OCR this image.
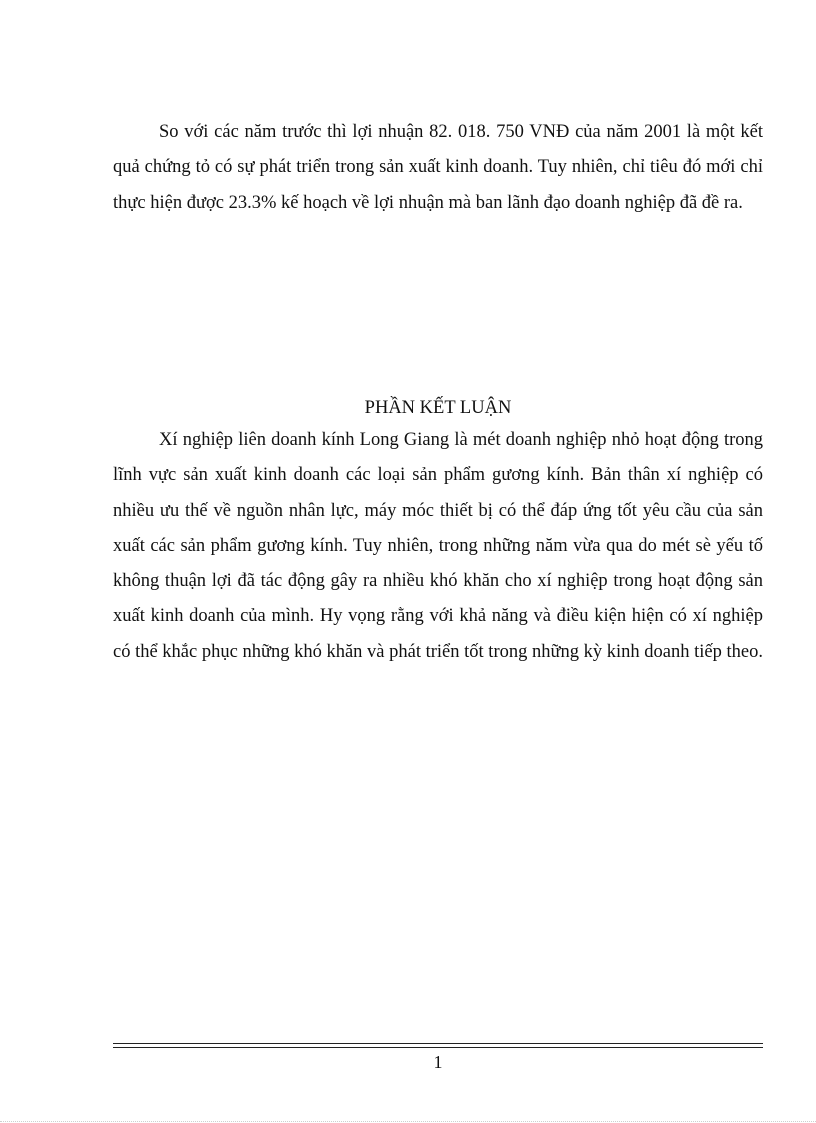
So với các năm trước thì lợi nhuận 82. 018. 750 VNĐ của năm 2001 là một kết quả chứng tỏ có sự phát triển trong sản xuất kinh doanh. Tuy nhiên, chỉ tiêu đó mới chỉ thực hiện được 23.3% kế hoạch về lợi nhuận mà ban lãnh đạo doanh nghiệp đã đề ra.

PHẦN KẾT LUẬN

Xí nghiệp liên doanh kính Long Giang là mét doanh nghiệp nhỏ hoạt động trong lĩnh vực sản xuất kinh doanh các loại sản phẩm gương kính. Bản thân xí nghiệp có nhiều ưu thế về nguồn nhân lực, máy móc thiết bị có thể đáp ứng tốt yêu cầu của sản xuất các sản phẩm gương kính. Tuy nhiên, trong những năm vừa qua do mét sè yếu tố không thuận lợi đã tác động gây ra nhiều khó khăn cho xí nghiệp trong hoạt động sản xuất kinh doanh của mình. Hy vọng rằng với khả năng và điều kiện hiện có xí nghiệp có thể khắc phục những khó khăn và phát triển tốt trong những kỳ kinh doanh tiếp theo.

1
